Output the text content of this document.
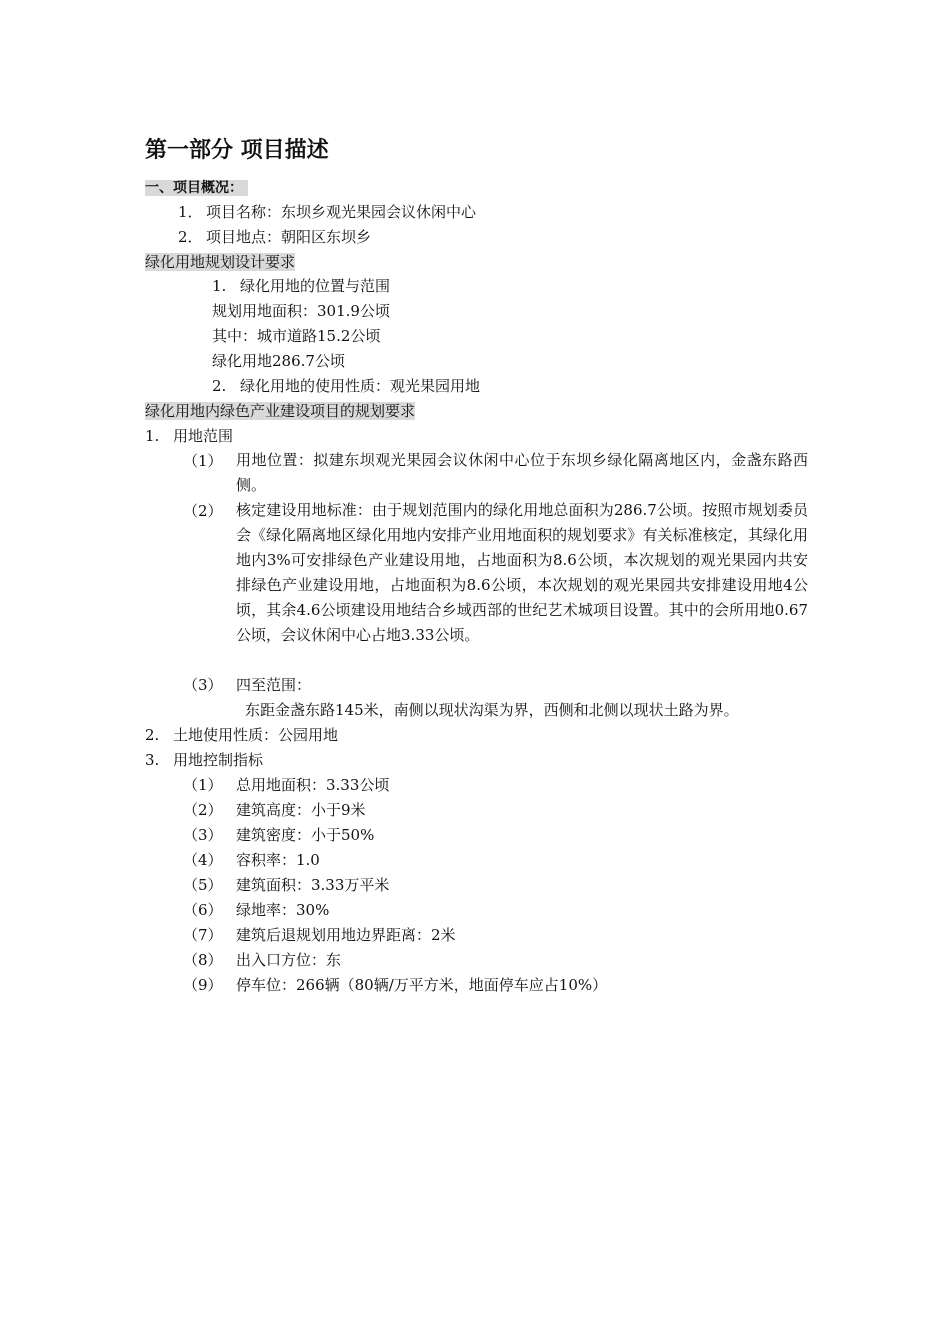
第一部分 项目描述
一、项目概况：
1． 项目名称：东坝乡观光果园会议休闲中心
2． 项目地点：朝阳区东坝乡
绿化用地规划设计要求
1. 绿化用地的位置与范围
规划用地面积：301.9公顷
其中：城市道路15.2公顷
绿化用地286.7公顷
2. 绿化用地的使用性质：观光果园用地
绿化用地内绿色产业建设项目的规划要求
1. 用地范围
（1） 用地位置：拟建东坝观光果园会议休闲中心位于东坝乡绿化隔离地区内，金盏东路西侧。
（2） 核定建设用地标准：由于规划范围内的绿化用地总面积为286.7公顷。按照市规划委员会《绿化隔离地区绿化用地内安排产业用地面积的规划要求》有关标准核定，其绿化用地内3%可安排绿色产业建设用地，占地面积为8.6公顷，本次规划的观光果园内共安排绿色产业建设用地，占地面积为8.6公顷，本次规划的观光果园共安排建设用地4公顷，其余4.6公顷建设用地结合乡域西部的世纪艺术城项目设置。其中的会所用地0.67公顷，会议休闲中心占地3.33公顷。
（3） 四至范围：
东距金盏东路145米，南侧以现状沟渠为界，西侧和北侧以现状土路为界。
2. 土地使用性质：公园用地
3. 用地控制指标
（1） 总用地面积：3.33公顷
（2） 建筑高度：小于9米
（3） 建筑密度：小于50%
（4） 容积率：1.0
（5） 建筑面积：3.33万平米
（6） 绿地率：30%
（7） 建筑后退规划用地边界距离：2米
（8） 出入口方位：东
（9） 停车位：266辆（80辆/万平方米，地面停车应占10%）
